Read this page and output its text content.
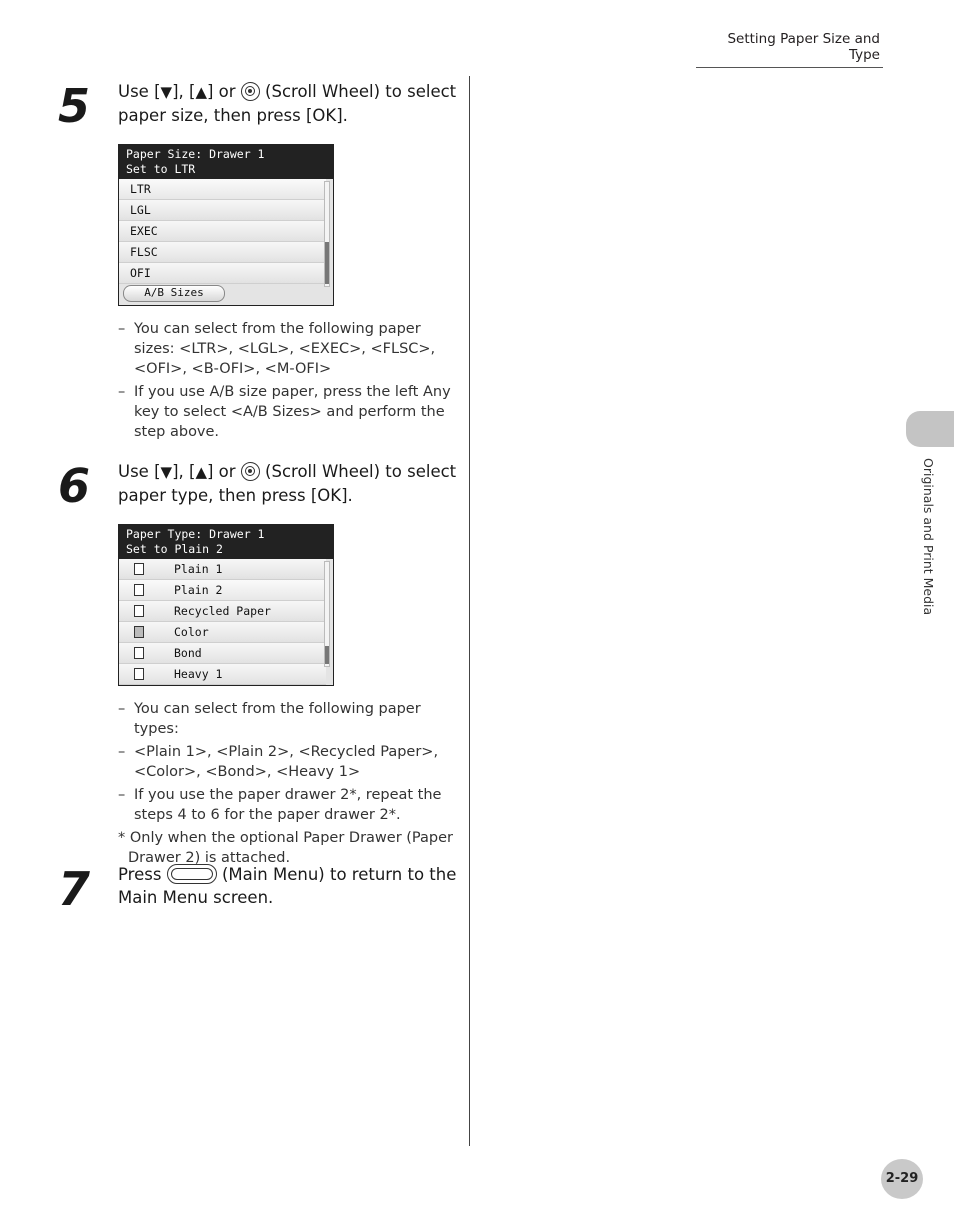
Setting Paper Size and Type
5 Use [▼], [▲] or (Scroll Wheel) to select paper size, then press [OK].
Paper Size: Drawer 1
Set to LTR
LTR
LGL
EXEC
FLSC
OFI
A/B Sizes
– You can select from the following paper sizes: <LTR>, <LGL>, <EXEC>, <FLSC>, <OFI>, <B-OFI>, <M-OFI>
– If you use A/B size paper, press the left Any key to select <A/B Sizes> and perform the step above.
6 Use [▼], [▲] or (Scroll Wheel) to select paper type, then press [OK].
Paper Type: Drawer 1
Set to Plain 2
Plain 1
Plain 2
Recycled Paper
Color
Bond
Heavy 1
– You can select from the following paper types:
– <Plain 1>, <Plain 2>, <Recycled Paper>, <Color>, <Bond>, <Heavy 1>
– If you use the paper drawer 2*, repeat the steps 4 to 6 for the paper drawer 2*.
* Only when the optional Paper Drawer (Paper Drawer 2) is attached.
7 Press	(Main Menu) to return to the Main Menu screen.
Originals and Print Media
2-29
